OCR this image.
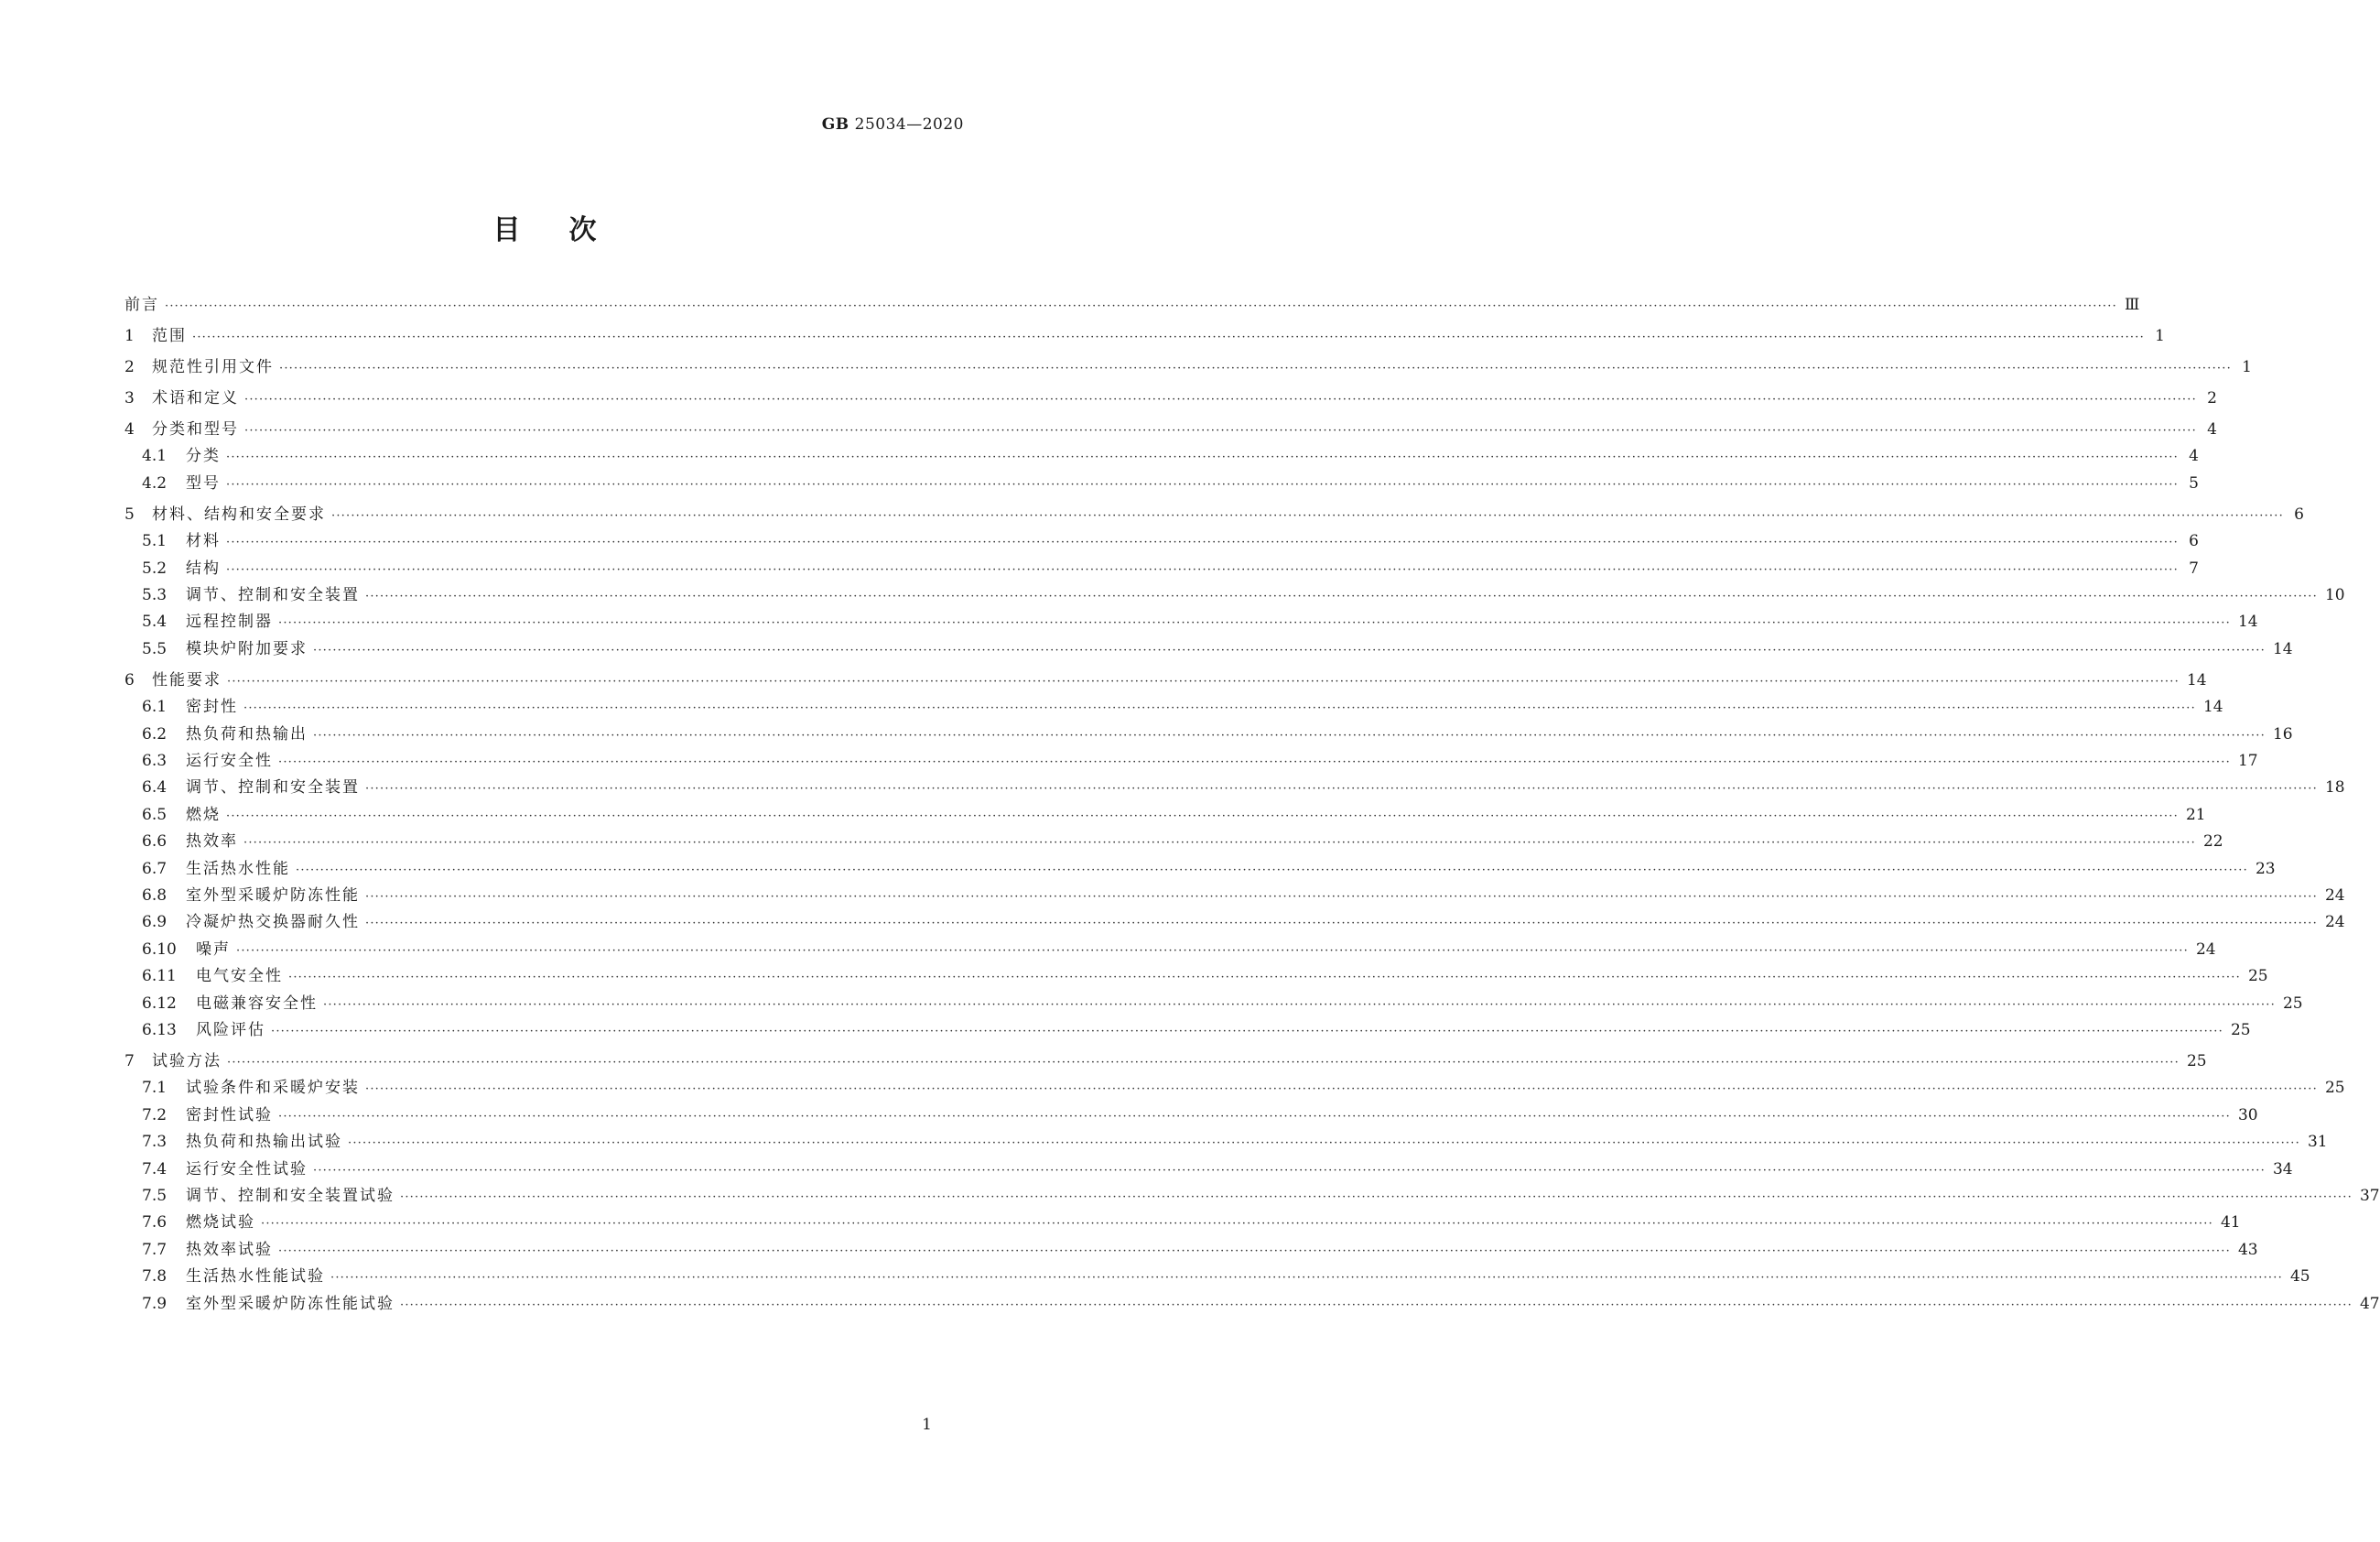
GB 25034—2020
目 次
前言 ················································································································································································································································································································································································································ Ⅲ
1	范围 ················································································································································································································································································································································································································ 1
2	规范性引用文件 ················································································································································································································································································································································································································ 1
3	术语和定义 ················································································································································································································································································································································································································ 2
4	分类和型号 ················································································································································································································································································································································································································ 4
4.1	分类 ················································································································································································································································································································································································································ 4
4.2	型号 ················································································································································································································································································································································································································ 5
5	材料、结构和安全要求 ················································································································································································································································································································································································································ 6
5.1	材料 ················································································································································································································································································································································································································ 6
5.2	结构 ················································································································································································································································································································································································································ 7
5.3	调节、控制和安全装置 ················································································································································································································································································································································································································ 10
5.4	远程控制器 ················································································································································································································································································································································································································ 14
5.5	模块炉附加要求 ················································································································································································································································································································································································································ 14
6	性能要求 ················································································································································································································································································································································································································ 14
6.1	密封性 ················································································································································································································································································································································································································ 14
6.2	热负荷和热输出 ················································································································································································································································································································································································································ 16
6.3	运行安全性 ················································································································································································································································································································································································································ 17
6.4	调节、控制和安全装置 ················································································································································································································································································································································································································ 18
6.5	燃烧 ················································································································································································································································································································································································································ 21
6.6	热效率 ················································································································································································································································································································································································································ 22
6.7	生活热水性能 ················································································································································································································································································································································································································ 23
6.8	室外型采暖炉防冻性能 ················································································································································································································································································································································································································ 24
6.9	冷凝炉热交换器耐久性 ················································································································································································································································································································································································································ 24
6.10	噪声 ················································································································································································································································································································································································································ 24
6.11	电气安全性 ················································································································································································································································································································································································································ 25
6.12	电磁兼容安全性 ················································································································································································································································································································································································································ 25
6.13	风险评估 ················································································································································································································································································································································································································ 25
7	试验方法 ················································································································································································································································································································································································································ 25
7.1	试验条件和采暖炉安装 ················································································································································································································································································································································································································ 25
7.2	密封性试验 ················································································································································································································································································································································································································ 30
7.3	热负荷和热输出试验 ················································································································································································································································································································································································································ 31
7.4	运行安全性试验 ················································································································································································································································································································································································································ 34
7.5	调节、控制和安全装置试验 ················································································································································································································································································································································································································ 37
7.6	燃烧试验 ················································································································································································································································································································································································································ 41
7.7	热效率试验 ················································································································································································································································································································································································································ 43
7.8	生活热水性能试验 ················································································································································································································································································································································································································ 45
7.9	室外型采暖炉防冻性能试验 ················································································································································································································································································································································································································ 47
1
